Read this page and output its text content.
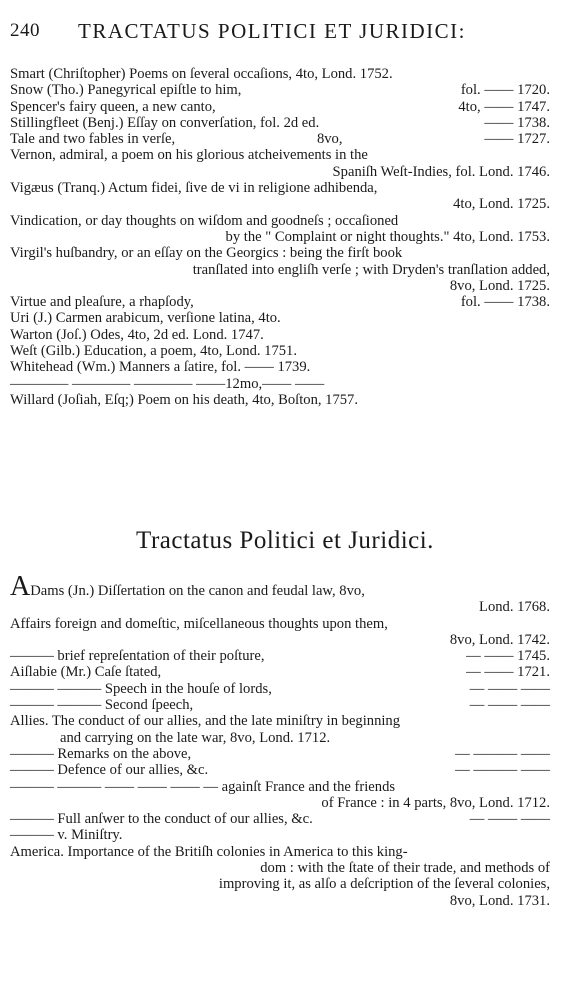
240 TRACTATUS POLITICI ET JURIDICI:
Smart (Chriſtopher) Poems on ſeveral occaſions, 4to, Lond. 1752.
Snow (Tho.) Panegyrical epiſtle to him,	fol. —— 1720.
Spencer's fairy queen, a new canto,	4to, —— 1747.
Stillingfleet (Benj.) Eſſay on converſation, fol. 2d ed.	—— 1738.
Tale and two fables in verſe,	8vo,	—— 1727.
Vernon, admiral, a poem on his glorious atcheivements in the
Spaniſh Weſt-Indies, fol. Lond. 1746.
Vigæus (Tranq.) Actum fidei, ſive de vi in religione adhibenda,
4to, Lond. 1725.
Vindication, or day thoughts on wiſdom and goodneſs ; occaſioned
by the " Complaint or night thoughts." 4to, Lond. 1753.
Virgil's huſbandry, or an eſſay on the Georgics : being the firſt book
tranſlated into engliſh verſe ; with Dryden's tranſlation added,
8vo, Lond. 1725.
Virtue and pleaſure, a rhapſody,	fol. —— 1738.
Uri (J.) Carmen arabicum, verſione latina, 4to.
Warton (Joſ.) Odes, 4to, 2d ed. Lond. 1747.
Weſt (Gilb.) Education, a poem, 4to, Lond. 1751.
Whitehead (Wm.) Manners a ſatire, fol. —— 1739.
———— ———— ———— ——12mo,—— ——
Willard (Joſiah, Eſq;) Poem on his death, 4to, Boſton, 1757.
Tractatus Politici et Juridici.
ADams (Jn.) Diſſertation on the canon and feudal law, 8vo,
Lond. 1768.
Affairs foreign and domeſtic, miſcellaneous thoughts upon them,
8vo, Lond. 1742.
——— brief repreſentation of their poſture,	— —— 1745.
Aiſlabie (Mr.) Caſe ſtated,	— —— 1721.
——— ——— Speech in the houſe of lords,	— —— ——
——— ——— Second ſpeech,	— —— ——
Allies. The conduct of our allies, and the late miniſtry in beginning
and carrying on the late war, 8vo, Lond. 1712.
——— Remarks on the above,	— ——— ——
——— Defence of our allies, &c.	— ——— ——
——— ——— —— —— —— — againſt France and the friends
of France : in 4 parts, 8vo, Lond. 1712.
——— Full anſwer to the conduct of our allies, &c.	— —— ——
——— v. Miniſtry.
America. Importance of the Britiſh colonies in America to this king-
dom : with the ſtate of their trade, and methods of
improving it, as alſo a deſcription of the ſeveral colonies,
8vo, Lond. 1731.
